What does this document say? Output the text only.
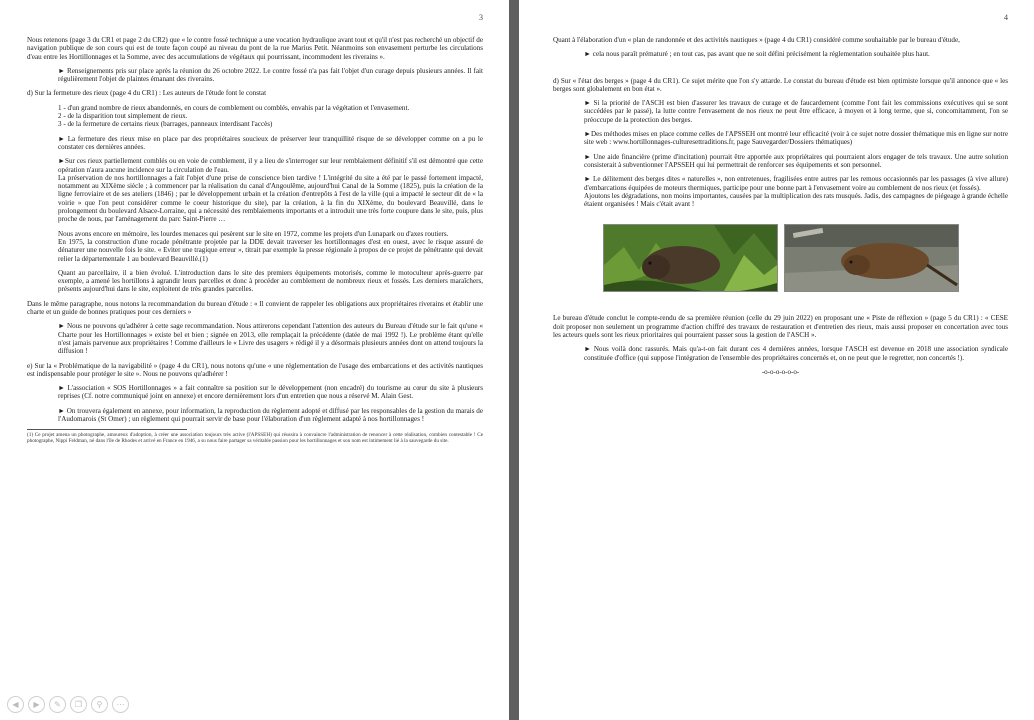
3

Nous retenons (page 3 du CR1 et page 2 du CR2) que « le contre fossé technique a une vocation hydraulique avant tout et qu'il n'est pas recherché un objectif de navigation publique de son cours qui est de toute façon coupé au niveau du pont de la rue Marius Petit. Néanmoins son envasement perturbe les circulations d'eau entre les Hortillonnages et la Somme, avec des accumulations de végétaux qui pourrissant, incommodent les riverains ».

► Renseignements pris sur place après la réunion du 26 octobre 2022. Le contre fossé n'a pas fait l'objet d'un curage depuis plusieurs années. Il fait régulièrement l'objet de plaintes émanant des riverains.

d) Sur la fermeture des rieux (page 4 du CR1) : Les auteurs de l'étude font le constat

1 - d'un grand nombre de rieux abandonnés, en cours de comblement ou comblés, envahis par la végétation et l'envasement.
2 - de la disparition tout simplement de rieux.
3 - de la fermeture de certains rieux (barrages, panneaux interdisant l'accès)

► La fermeture des rieux mise en place par des propriétaires soucieux de préserver leur tranquillité risque de se développer comme on a pu le constater ces dernières années.

►Sur ces rieux partiellement comblés ou en voie de comblement, il y a lieu de s'interroger sur leur remblaiement définitif s'il est démontré que cette opération n'aura aucune incidence sur la circulation de l'eau.

La préservation de nos hortillonnages a fait l'objet d'une prise de conscience bien tardive ! L'intégrité du site a été par le passé fortement impacté, notamment au XIXème siècle ; à commencer par la réalisation du canal d'Angoulême, aujourd'hui Canal de la Somme (1825), puis la création de la ligne ferroviaire et de ses ateliers (1846) ; par le développement urbain et la création d'entrepôts à l'est de la ville (qui a impacté le secteur dit de « la voirie » que l'on peut considérer comme le coeur historique du site), par la création, à la fin du XIXème, du boulevard Beauvillé, dans le prolongement du boulevard Alsace-Lorraine, qui a nécessité des remblaiements importants et a introduit une très forte coupure dans le site, puis, plus proche de nous, par l'aménagement du parc Saint-Pierre …

Nous avons encore en mémoire, les lourdes menaces qui pesèrent sur le site en 1972, comme les projets d'un Lunapark ou d'axes routiers.

En 1975, la construction d'une rocade pénétrante projetée par la DDE devait traverser les hortillonnages d'est en ouest, avec le risque assuré de dénaturer une nouvelle fois le site. « Eviter une tragique erreur », titrait par exemple la presse régionale à propos de ce projet de pénétrante qui devait relier la départementale 1 au boulevard Beauvillé.(1)

Quant au parcellaire, il a bien évolué. L'introduction dans le site des premiers équipements motorisés, comme le motoculteur après-guerre par exemple, a amené les hortillons à agrandir leurs parcelles et donc à procéder au comblement de nombreux rieux et fossés. Les derniers maraîchers, présents aujourd'hui dans le site, exploitent de très grandes parcelles.

Dans le même paragraphe, nous notons la recommandation du bureau d'étude : « Il convient de rappeler les obligations aux propriétaires riverains et établir une charte et un guide de bonnes pratiques pour ces derniers »

► Nous ne pouvons qu'adhérer à cette sage recommandation. Nous attirerons cependant l'attention des auteurs du Bureau d'étude sur le fait qu'une « Charte pour les Hortillonnages » existe bel et bien ; signée en 2013, elle remplaçait la précédente (datée de mai 1992 !). Le problème étant qu'elle n'est jamais parvenue aux propriétaires ! Comme d'ailleurs le « Livre des usagers » rédigé il y a désormais plusieurs années dont on attend toujours la diffusion !

e) Sur la « Problématique de la navigabilité » (page 4 du CR1), nous notons qu'une « une réglementation de l'usage des embarcations et des activités nautiques est indispensable pour protéger le site ». Nous ne pouvons qu'adhérer !

► L'association « SOS Hortillonnages » a fait connaître sa position sur le développement (non encadré) du tourisme au cœur du site à plusieurs reprises (Cf. notre communiqué joint en annexe) et encore dernièrement lors d'un entretien que nous a réservé M. Alain Gest.

► On trouvera également en annexe, pour information, la reproduction du règlement adopté et diffusé par les responsables de la gestion du marais de l'Audomarois (St Omer) ; un règlement qui pourrait servir de base pour l'élaboration d'un règlement adapté à nos hortillonnages !

(1) Ce projet amena un photographe, amoureux d'adoption, à créer une association toujours très active (l'APSSEH) qui réussira à convaincre l'administration de renoncer à cette réalisation, combien contestable ! Ce photographe, Nippi Feldman, né dans l'île de Rhodes et arrivé en France en 1946, a su nous faire partager sa véritable passion pour les hortillonnages et son nom est intimement lié à la sauvegarde du site.
4

Quant à l'élaboration d'un « plan de randonnée et des activités nautiques » (page 4 du CR1) considéré comme souhaitable par le bureau d'étude,

► cela nous paraît prématuré ; en tout cas, pas avant que ne soit défini précisément la réglementation souhaitée plus haut.

d) Sur « l'état des berges » (page 4 du CR1). Ce sujet mérite que l'on s'y attarde. Le constat du bureau d'étude est bien optimiste lorsque qu'il annonce que « les berges sont globalement en bon état ».

► Si la priorité de l'ASCH est bien d'assurer les travaux de curage et de faucardement (comme l'ont fait les commissions exécutives qui se sont succédées par le passé), la lutte contre l'envasement de nos rieux ne peut être efficace, à moyen et à long terme, que si, concomitamment, l'on se préoccupe de la protection des berges.

►Des méthodes mises en place comme celles de l'APSSEH ont montré leur efficacité (voir à ce sujet notre dossier thématique mis en ligne sur notre site web : www.hortillonnages-culturesettraditions.fr, page Sauvegarder/Dossiers thématiques)

► Une aide financière (prime d'incitation) pourrait être apportée aux propriétaires qui pourraient alors engager de tels travaux. Une autre solution consisterait à subventionner l'APSSEH qui lui permettrait de renforcer ses équipements et son personnel.

► Le délitement des berges dites « naturelles », non entretenues, fragilisées entre autres par les remous occasionnés par les passages (à vive allure) d'embarcations équipées de moteurs thermiques, participe pour une bonne part à l'envasement voire au comblement de nos rieux (et fossés).

Ajoutons les dégradations, non moins importantes, causées par la multiplication des rats musqués. Jadis, des campagnes de piégeage à grande échelle étaient organisées ! Mais c'était avant !

Le bureau d'étude conclut le compte-rendu de sa première réunion (celle du 29 juin 2022) en proposant une « Piste de réflexion » (page 5 du CR1) : « CESE doit proposer non seulement un programme d'action chiffré des travaux de restauration et d'entretien des rieux, mais aussi proposer en concertation avec tous les acteurs quels sont les rieux prioritaires qui pourraient passer sous la gestion de l'ASCH ».

► Nous voilà donc rassurés. Mais qu'a-t-on fait durant ces 4 dernières années, lorsque l'ASCH est devenue en 2018 une association syndicale constituée d'office (qui suppose l'intégration de l'ensemble des propriétaires concernés et, on ne peut que le regretter, non concertés !).

-o-o-o-o-o-o-
◀	▶	✎	❐	⚲	⋯
